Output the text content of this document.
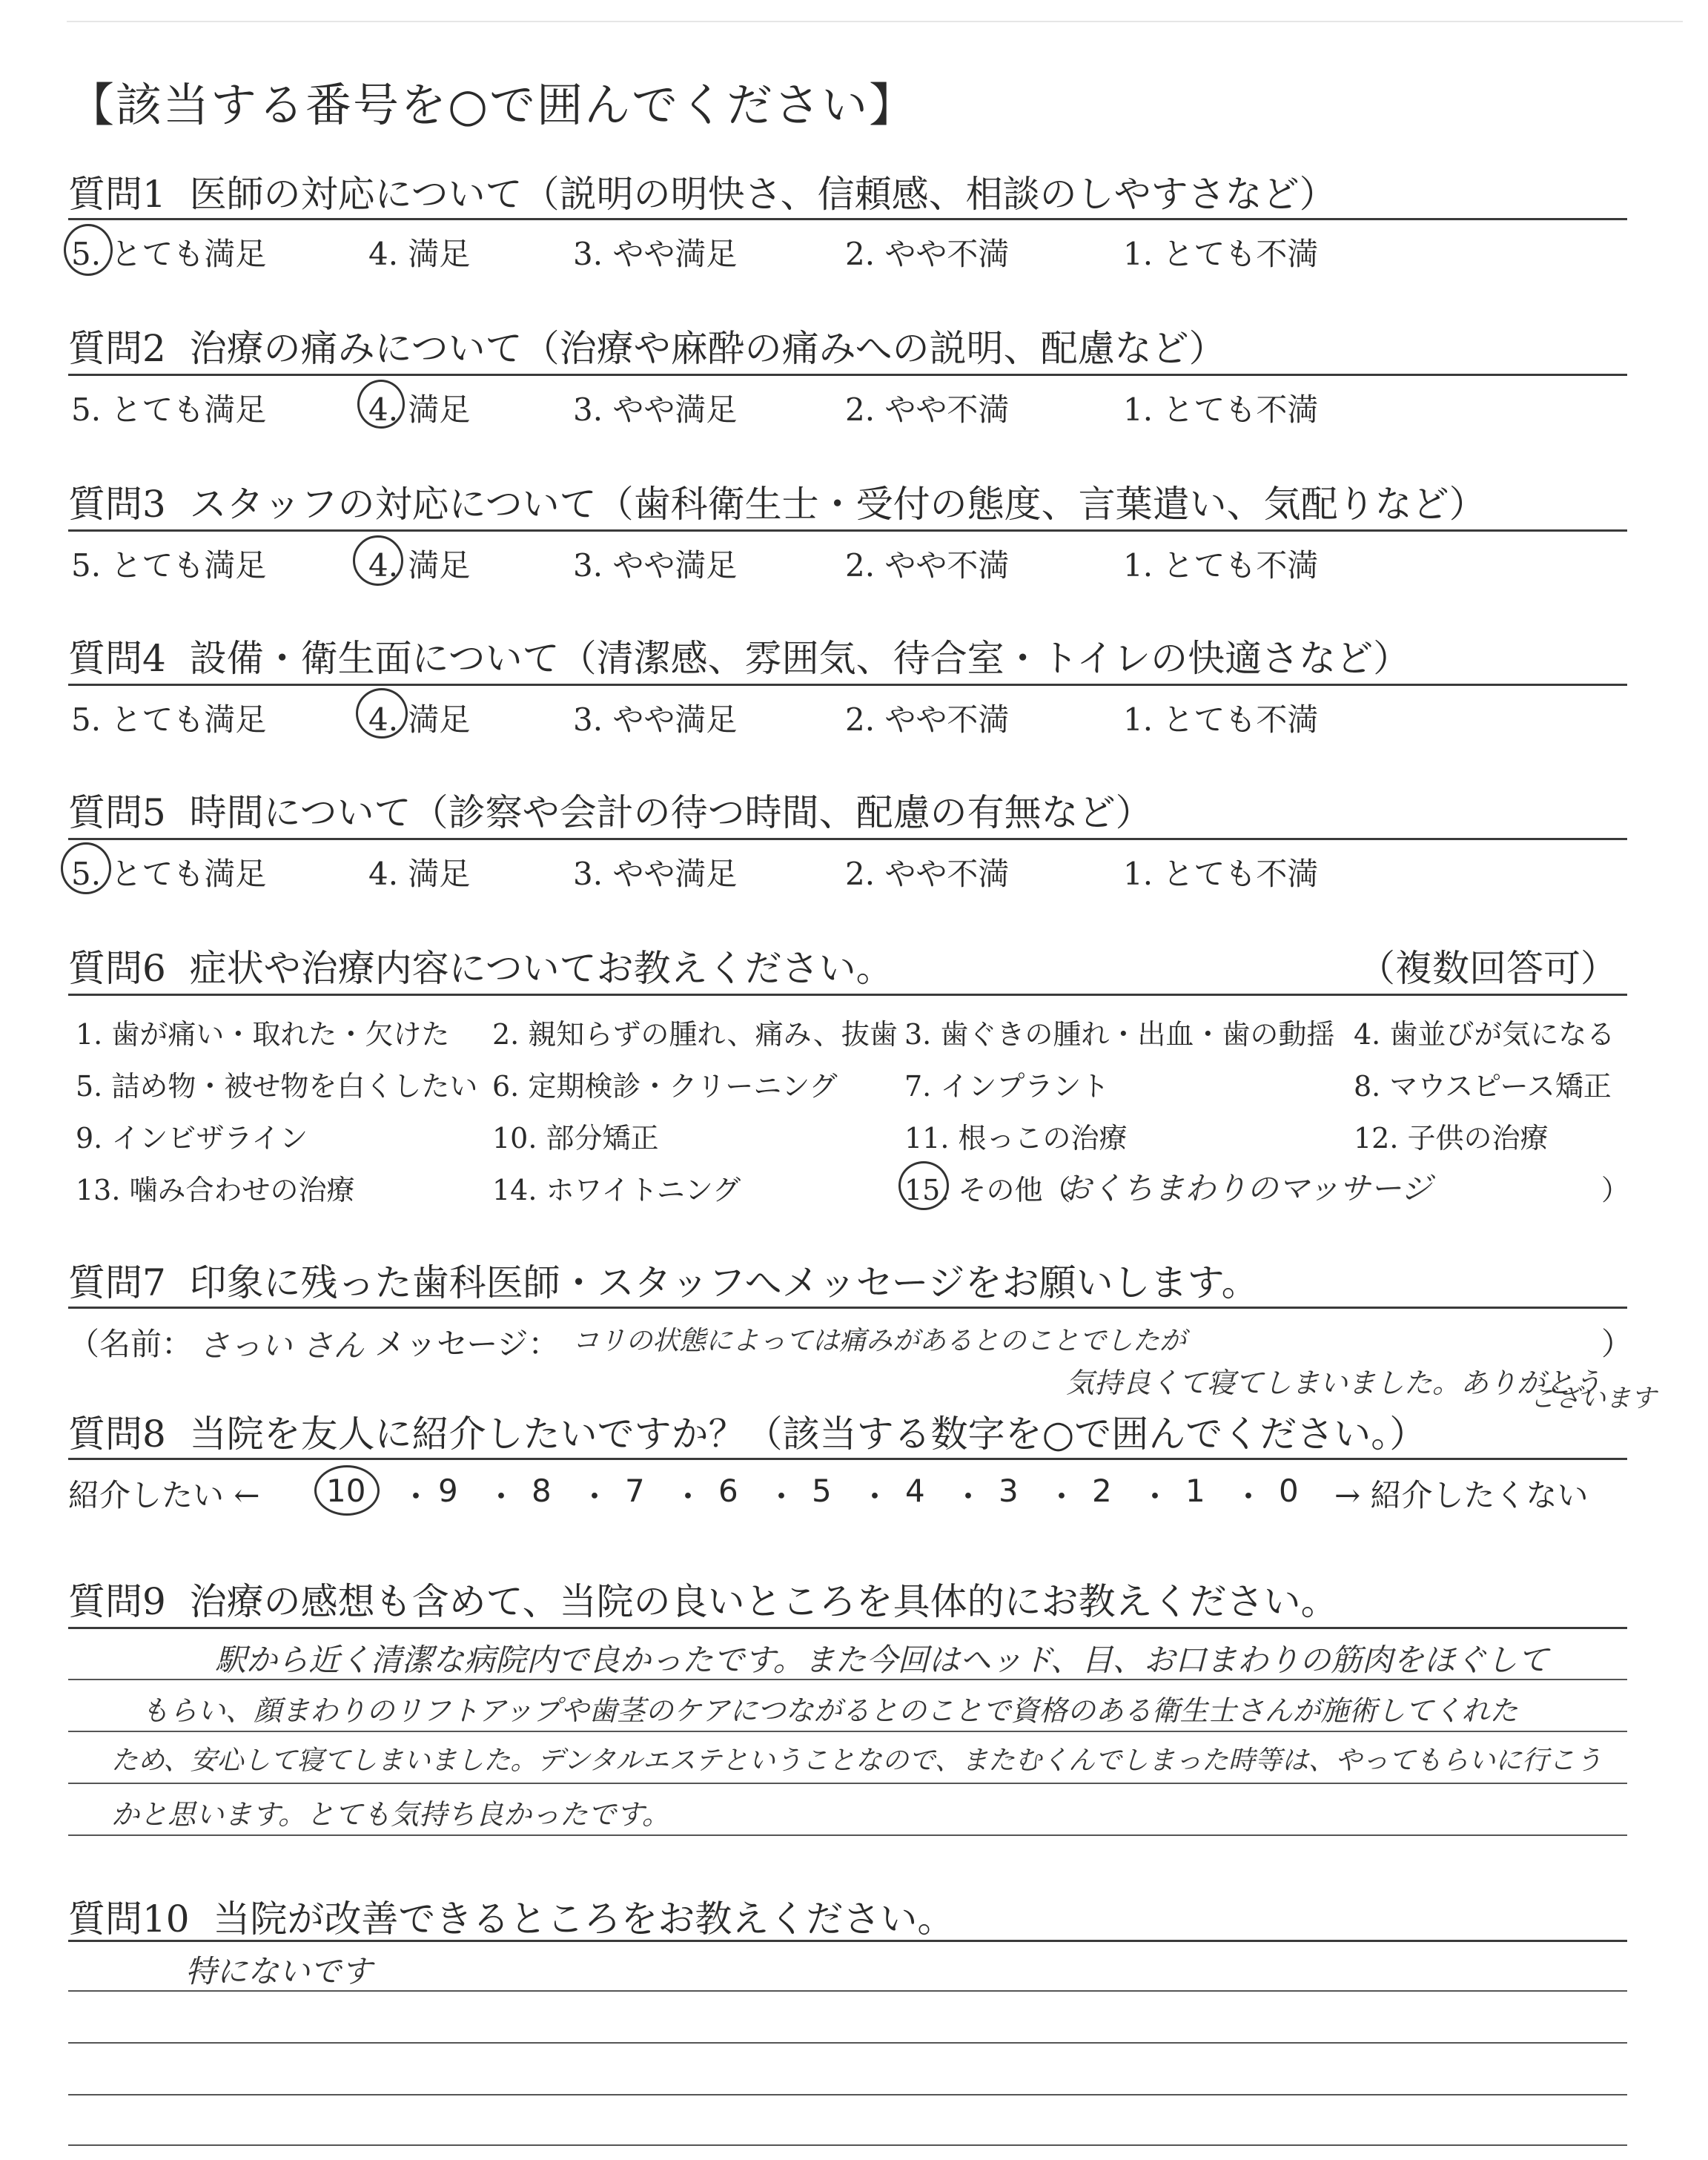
【該当する番号を○で囲んでください】
質問1 医師の対応について（説明の明快さ、信頼感、相談のしやすさなど）
5. とても満足	4. 満足	3. やや満足	2. やや不満	1. とても不満
質問2 治療の痛みについて（治療や麻酔の痛みへの説明、配慮など）
5. とても満足	4. 満足	3. やや満足	2. やや不満	1. とても不満
質問3 スタッフの対応について（歯科衛生士・受付の態度、言葉遣い、気配りなど）
5. とても満足	4. 満足	3. やや満足	2. やや不満	1. とても不満
質問4 設備・衛生面について（清潔感、雰囲気、待合室・トイレの快適さなど）
5. とても満足	4. 満足	3. やや満足	2. やや不満	1. とても不満
質問5 時間について（診察や会計の待つ時間、配慮の有無など）
5. とても満足	4. 満足	3. やや満足	2. やや不満	1. とても不満
質問6 症状や治療内容についてお教えください。	（複数回答可）
1. 歯が痛い・取れた・欠けた 2. 親知らずの腫れ、痛み、抜歯 3. 歯ぐきの腫れ・出血・歯の動揺 4. 歯並びが気になる
5. 詰め物・被せ物を白くしたい 6. 定期検診・クリーニング 7. インプラント	8. マウスピース矯正
9. インビザライン	10. 部分矯正	11. 根っこの治療	12. 子供の治療
13. 噛み合わせの治療	14. ホワイトニング	15. その他（
おくちまわりのマッサージ	）
質問7 印象に残った歯科医師・スタッフへメッセージをお願いします。
（名前： さっい さん メッセージ： コリの状態によっては痛みがあるとのことでしたが	）
気持良くて寝てしまいました。ありがとう
ございます
質問8 当院を友人に紹介したいですか？（該当する数字を○で囲んでください。）
紹介したい ←	→ 紹介したくない
10 ・ 9 ・ 8 ・ 7 ・ 6 ・ 5 ・ 4 ・ 3 ・ 2 ・ 1 ・ 0
質問9 治療の感想も含めて、当院の良いところを具体的にお教えください。
駅から近く清潔な病院内で良かったです。また今回はヘッド、目、お口まわりの筋肉をほぐして
もらい、顔まわりのリフトアップや歯茎のケアにつながるとのことで資格のある衛生士さんが施術してくれた
ため、安心して寝てしまいました。デンタルエステということなので、またむくんでしまった時等は、やってもらいに行こう
かと思います。とても気持ち良かったです。
質問10 当院が改善できるところをお教えください。
特にないです
